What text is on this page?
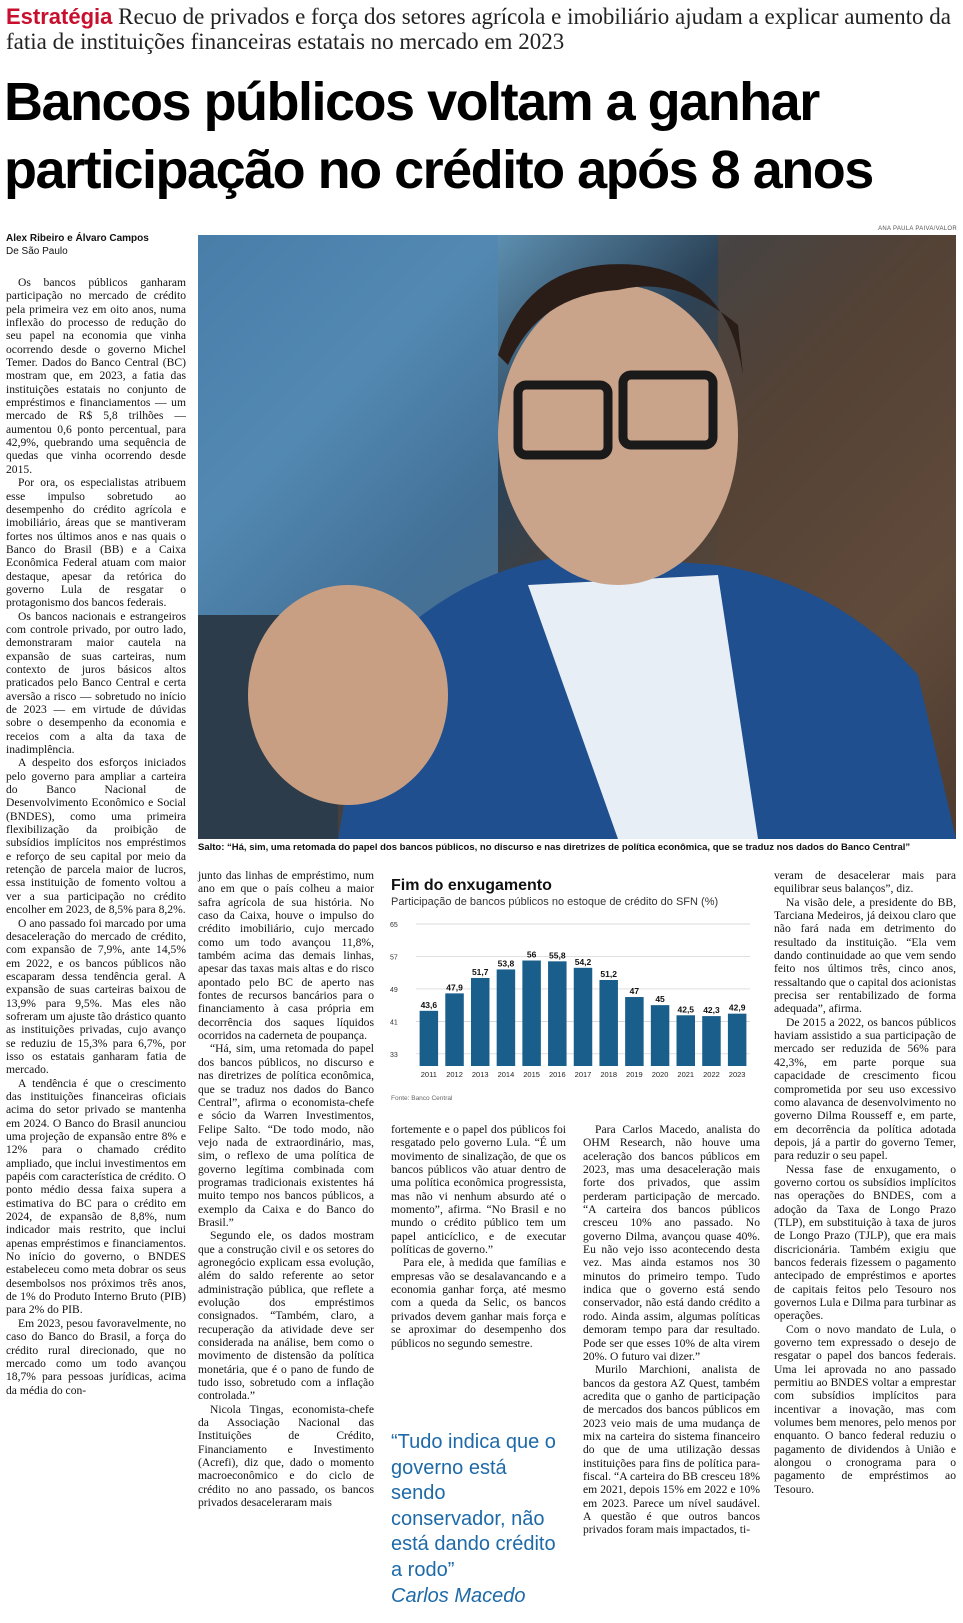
Estratégia Recuo de privados e força dos setores agrícola e imobiliário ajudam a explicar aumento da fatia de instituições financeiras estatais no mercado em 2023
Bancos públicos voltam a ganhar participação no crédito após 8 anos
Alex Ribeiro e Álvaro Campos
De São Paulo
ANA PAULA PAIVA/VALOR
Salto: “Há, sim, uma retomada do papel dos bancos públicos, no discurso e nas diretrizes de política econômica, que se traduz nos dados do Banco Central”

Os bancos públicos ganharam participação no mercado de crédito pela primeira vez em oito anos, numa inflexão do processo de redução do seu papel na economia que vinha ocorrendo desde o governo Michel Temer. Dados do Banco Central (BC) mostram que, em 2023, a fatia das instituições estatais no conjunto de empréstimos e financiamentos — um mercado de R$ 5,8 trilhões — aumentou 0,6 ponto percentual, para 42,9%, quebrando uma sequência de quedas que vinha ocorrendo desde 2015.

Por ora, os especialistas atribuem esse impulso sobretudo ao desempenho do crédito agrícola e imobiliário, áreas que se mantiveram fortes nos últimos anos e nas quais o Banco do Brasil (BB) e a Caixa Econômica Federal atuam com maior destaque, apesar da retórica do governo Lula de resgatar o protagonismo dos bancos federais.

Os bancos nacionais e estrangeiros com controle privado, por outro lado, demonstraram maior cautela na expansão de suas carteiras, num contexto de juros básicos altos praticados pelo Banco Central e certa aversão a risco — sobretudo no início de 2023 — em virtude de dúvidas sobre o desempenho da economia e receios com a alta da taxa de inadimplência.

A despeito dos esforços iniciados pelo governo para ampliar a carteira do Banco Nacional de Desenvolvimento Econômico e Social (BNDES), como uma primeira flexibilização da proibição de subsídios implícitos nos empréstimos e reforço de seu capital por meio da retenção de parcela maior de lucros, essa instituição de fomento voltou a ver a sua participação no crédito encolher em 2023, de 8,5% para 8,2%.

O ano passado foi marcado por uma desaceleração do mercado de crédito, com expansão de 7,9%, ante 14,5% em 2022, e os bancos públicos não escaparam dessa tendência geral. A expansão de suas carteiras baixou de 13,9% para 9,5%. Mas eles não sofreram um ajuste tão drástico quanto as instituições privadas, cujo avanço se reduziu de 15,3% para 6,7%, por isso os estatais ganharam fatia de mercado.

A tendência é que o crescimento das instituições financeiras oficiais acima do setor privado se mantenha em 2024. O Banco do Brasil anunciou uma projeção de expansão entre 8% e 12% para o chamado crédito ampliado, que inclui investimentos em papéis com característica de crédito. O ponto médio dessa faixa supera a estimativa do BC para o crédito em 2024, de expansão de 8,8%, num indicador mais restrito, que inclui apenas empréstimos e financiamentos. No início do governo, o BNDES estabeleceu como meta dobrar os seus desembolsos nos próximos três anos, de 1% do Produto Interno Bruto (PIB) para 2% do PIB.

Em 2023, pesou favoravelmente, no caso do Banco do Brasil, a força do crédito rural direcionado, que no mercado como um todo avançou 18,7% para pessoas jurídicas, acima da média do con-

junto das linhas de empréstimo, num ano em que o país colheu a maior safra agrícola de sua história. No caso da Caixa, houve o impulso do crédito imobiliário, cujo mercado como um todo avançou 11,8%, também acima das demais linhas, apesar das taxas mais altas e do risco apontado pelo BC de aperto nas fontes de recursos bancários para o financiamento à casa própria em decorrência dos saques líquidos ocorridos na caderneta de poupança.

“Há, sim, uma retomada do papel dos bancos públicos, no discurso e nas diretrizes de política econômica, que se traduz nos dados do Banco Central”, afirma o economista-chefe e sócio da Warren Investimentos, Felipe Salto. “De todo modo, não vejo nada de extraordinário, mas, sim, o reflexo de uma política de governo legítima combinada com programas tradicionais existentes há muito tempo nos bancos públicos, a exemplo da Caixa e do Banco do Brasil.”

Segundo ele, os dados mostram que a construção civil e os setores do agronegócio explicam essa evolução, além do saldo referente ao setor administração pública, que reflete a evolução dos empréstimos consignados. “Também, claro, a recuperação da atividade deve ser considerada na análise, bem como o movimento de distensão da política monetária, que é o pano de fundo de tudo isso, sobretudo com a inflação controlada.”

Nicola Tingas, economista-chefe da Associação Nacional das Instituições de Crédito, Financiamento e Investimento (Acrefi), diz que, dado o momento macroeconômico e do ciclo de crédito no ano passado, os bancos privados desaceleraram mais

Fim do enxugamento
Participação de bancos públicos no estoque de crédito do SFN (%)
33
41
49
57
65
43,6
2011
47,9
2012
51,7
2013
53,8
2014
56
2015
55,8
2016
54,2
2017
51,2
2018
47
2019
45
2020
42,5
2021
42,3
2022
42,9
2023
Fonte: Banco Central

fortemente e o papel dos públicos foi resgatado pelo governo Lula. “É um movimento de sinalização, de que os bancos públicos vão atuar dentro de uma política econômica progressista, mas não vi nenhum absurdo até o momento”, afirma. “No Brasil e no mundo o crédito público tem um papel anticíclico, e de executar políticas de governo.”

Para ele, à medida que famílias e empresas vão se desalavancando e a economia ganhar força, até mesmo com a queda da Selic, os bancos privados devem ganhar mais força e se aproximar do desempenho dos públicos no segundo semestre.

“Tudo indica que o governo está sendo conservador, não está dando crédito a rodo”
Carlos Macedo

Para Carlos Macedo, analista do OHM Research, não houve uma aceleração dos bancos públicos em 2023, mas uma desaceleração mais forte dos privados, que assim perderam participação de mercado. “A carteira dos bancos públicos cresceu 10% ano passado. No governo Dilma, avançou quase 40%. Eu não vejo isso acontecendo desta vez. Mas ainda estamos nos 30 minutos do primeiro tempo. Tudo indica que o governo está sendo conservador, não está dando crédito a rodo. Ainda assim, algumas políticas demoram tempo para dar resultado. Pode ser que esses 10% de alta virem 20%. O futuro vai dizer.”

Murilo Marchioni, analista de bancos da gestora AZ Quest, também acredita que o ganho de participação de mercados dos bancos públicos em 2023 veio mais de uma mudança de mix na carteira do sistema financeiro do que de uma utilização dessas instituições para fins de política para-fiscal. “A carteira do BB cresceu 18% em 2021, depois 15% em 2022 e 10% em 2023. Parece um nível saudável. A questão é que outros bancos privados foram mais impactados, ti-

veram de desacelerar mais para equilibrar seus balanços”, diz.

Na visão dele, a presidente do BB, Tarciana Medeiros, já deixou claro que não fará nada em detrimento do resultado da instituição. “Ela vem dando continuidade ao que vem sendo feito nos últimos três, cinco anos, ressaltando que o capital dos acionistas precisa ser rentabilizado de forma adequada”, afirma.

De 2015 a 2022, os bancos públicos haviam assistido a sua participação de mercado ser reduzida de 56% para 42,3%, em parte porque sua capacidade de crescimento ficou comprometida por seu uso excessivo como alavanca de desenvolvimento no governo Dilma Rousseff e, em parte, em decorrência da política adotada depois, já a partir do governo Temer, para reduzir o seu papel.

Nessa fase de enxugamento, o governo cortou os subsídios implícitos nas operações do BNDES, com a adoção da Taxa de Longo Prazo (TLP), em substituição à taxa de juros de Longo Prazo (TJLP), que era mais discricionária. Também exigiu que bancos federais fizessem o pagamento antecipado de empréstimos e aportes de capitais feitos pelo Tesouro nos governos Lula e Dilma para turbinar as operações.

Com o novo mandato de Lula, o governo tem expressado o desejo de resgatar o papel dos bancos federais. Uma lei aprovada no ano passado permitiu ao BNDES voltar a emprestar com subsídios implícitos para incentivar a inovação, mas com volumes bem menores, pelo menos por enquanto. O banco federal reduziu o pagamento de dividendos à União e alongou o cronograma para o pagamento de empréstimos ao Tesouro.
